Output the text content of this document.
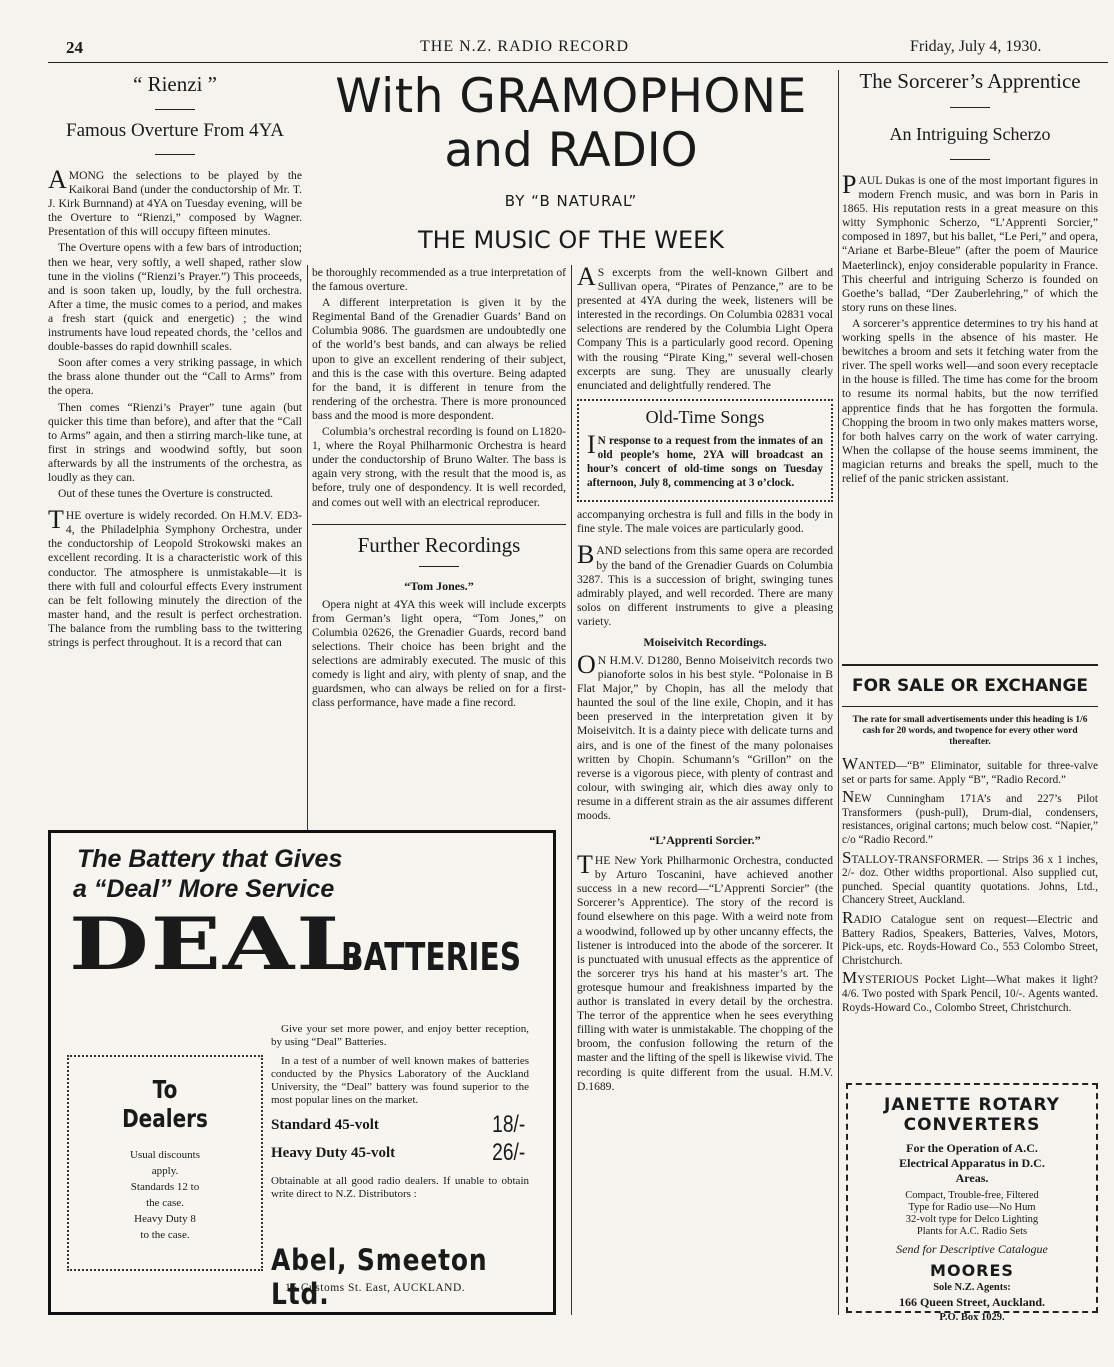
24	THE N.Z. RADIO RECORD	Friday, July 4, 1930.
“ Rienzi ”
Famous Overture From 4YA
AMONG the selections to be played by the Kaikorai Band (under the conductorship of Mr. T. J. Kirk Burnnand) at 4YA on Tuesday evening, will be the Overture to “Rienzi,” composed by Wagner. Presentation of this will occupy fifteen minutes.
The Overture opens with a few bars of introduction; then we hear, very softly, a well shaped, rather slow tune in the violins (“Rienzi’s Prayer.”) This proceeds, and is soon taken up, loudly, by the full orchestra. After a time, the music comes to a period, and makes a fresh start (quick and energetic) ; the wind instruments have loud repeated chords, the ’cellos and double-basses do rapid downhill scales.
Soon after comes a very striking passage, in which the brass alone thunder out the “Call to Arms” from the opera.
Then comes “Rienzi’s Prayer” tune again (but quicker this time than before), and after that the “Call to Arms” again, and then a stirring march-like tune, at first in strings and woodwind softly, but soon afterwards by all the instruments of the orchestra, as loudly as they can.
Out of these tunes the Overture is constructed.
THE overture is widely recorded. On H.M.V. ED3-4, the Philadelphia Symphony Orchestra, under the conductorship of Leopold Strokowski makes an excellent recording. It is a characteristic work of this conductor. The atmosphere is unmistakable—it is there with full and colourful effects Every instrument can be felt following minutely the direction of the master hand, and the result is perfect orchestration. The balance from the rumbling bass to the twittering strings is perfect throughout. It is a record that can
With GRAMOPHONE
and RADIO
BY “B NATURAL”
THE MUSIC OF THE WEEK
be thoroughly recommended as a true interpretation of the famous overture.
A different interpretation is given it by the Regimental Band of the Grenadier Guards’ Band on Columbia 9086. The guardsmen are undoubtedly one of the world’s best bands, and can always be relied upon to give an excellent rendering of their subject, and this is the case with this overture. Being adapted for the band, it is different in tenure from the rendering of the orchestra. There is more pronounced bass and the mood is more despondent.
Columbia’s orchestral recording is found on L1820-1, where the Royal Philharmonic Orchestra is heard under the conductorship of Bruno Walter. The bass is again very strong, with the result that the mood is, as before, truly one of despondency. It is well recorded, and comes out well with an electrical reproducer.
Further Recordings
“Tom Jones.”
Opera night at 4YA this week will include excerpts from German’s light opera, “Tom Jones,” on Columbia 02626, the Grenadier Guards, record band selections. Their choice has been bright and the selections are admirably executed. The music of this comedy is light and airy, with plenty of snap, and the guardsmen, who can always be relied on for a first-class performance, have made a fine record.
A S excerpts from the well-known Gilbert and Sullivan opera, “Pirates of Penzance,” are to be presented at 4YA during the week, listeners will be interested in the recordings. On Columbia 02831 vocal selections are rendered by the Columbia Light Opera Company This is a particularly good record. Opening with the rousing “Pirate King,” several well-chosen excerpts are sung. They are unusually clearly enunciated and delightfully rendered. The
Old-Time Songs
I N response to a request from the inmates of an old people’s home, 2YA will broadcast an hour’s concert of old-time songs on Tuesday afternoon, July 8, commencing at 3 o’clock.
accompanying orchestra is full and fills in the body in fine style. The male voices are particularly good.
BAND selections from this same opera are recorded by the band of the Grenadier Guards on Columbia 3287. This is a succession of bright, swinging tunes admirably played, and well recorded. There are many solos on different instruments to give a pleasing variety.
Moiseivitch Recordings.
O N H.M.V. D1280, Benno Moiseivitch records two pianoforte solos in his best style. “Polonaise in B Flat Major,” by Chopin, has all the melody that haunted the soul of the line exile, Chopin, and it has been preserved in the interpretation given it by Moiseivitch. It is a dainty piece with delicate turns and airs, and is one of the finest of the many polonaises written by Chopin. Schumann’s “Grillon” on the reverse is a vigorous piece, with plenty of contrast and colour, with swinging air, which dies away only to resume in a different strain as the air assumes different moods.
“L’Apprenti Sorcier.”
THE New York Philharmonic Orchestra, conducted by Arturo Toscanini, have achieved another success in a new record—“L’Apprenti Sorcier” (the Sorcerer’s Apprentice). The story of the record is found elsewhere on this page. With a weird note from a woodwind, followed up by other uncanny effects, the listener is introduced into the abode of the sorcerer. It is punctuated with unusual effects as the apprentice of the sorcerer trys his hand at his master’s art. The grotesque humour and freakishness imparted by the author is translated in every detail by the orchestra. The terror of the apprentice when he sees everything filling with water is unmistakable. The chopping of the broom, the confusion following the return of the master and the lifting of the spell is likewise vivid. The recording is quite different from the usual. H.M.V. D.1689.
The Sorcerer’s Apprentice
An Intriguing Scherzo
PAUL Dukas is one of the most important figures in modern French music, and was born in Paris in 1865. His reputation rests in a great measure on this witty Symphonic Scherzo, “L’Apprenti Sorcier,” composed in 1897, but his ballet, “Le Peri,” and opera, “Ariane et Barbe-Bleue” (after the poem of Maurice Maeterlinck), enjoy considerable popularity in France. This cheerful and intriguing Scherzo is founded on Goethe’s ballad, “Der Zauberlehring,” of which the story runs on these lines.
A sorcerer’s apprentice determines to try his hand at working spells in the absence of his master. He bewitches a broom and sets it fetching water from the river. The spell works well—and soon every receptacle in the house is filled. The time has come for the broom to resume its normal habits, but the now terrified apprentice finds that he has forgotten the formula. Chopping the broom in two only makes matters worse, for both halves carry on the work of water carrying. When the collapse of the house seems imminent, the magician returns and breaks the spell, much to the relief of the panic stricken assistant.
FOR SALE OR EXCHANGE
The rate for small advertisements under this heading is 1/6 cash for 20 words, and twopence for every other word thereafter.
WANTED—“B” Eliminator, suitable for three-valve set or parts for same. Apply “B”, “Radio Record.”
NEW Cunningham 171A’s and 227’s Pilot Transformers (push-pull), Drum-dial, condensers, resistances, original cartons; much below cost. “Napier,” c/o “Radio Record.”
STALLOY-TRANSFORMER. — Strips 36 x 1 inches, 2/- doz. Other widths proportional. Also supplied cut, punched. Special quantity quotations. Johns, Ltd., Chancery Street, Auckland.
RADIO Catalogue sent on request—Electric and Battery Radios, Speakers, Batteries, Valves, Motors, Pick-ups, etc. Royds-Howard Co., 553 Colombo Street, Christchurch.
MYSTERIOUS Pocket Light—What makes it light? 4/6. Two posted with Spark Pencil, 10/-. Agents wanted. Royds-Howard Co., Colombo Street, Christchurch.
JANETTE ROTARY
CONVERTERS
For the Operation of A.C.
Electrical Apparatus in D.C.
Areas.
Compact, Trouble-free, Filtered
Type for Radio use—No Hum
32-volt type for Delco Lighting
Plants for A.C. Radio Sets
Send for Descriptive Catalogue
MOORES
Sole N.Z. Agents:
166 Queen Street, Auckland.
P.O. Box 1029.
The Battery that Gives
a “Deal” More Service
DEAL
BATTERIES
To
Dealers
Usual discounts
apply.
Standards 12 to
the case.
Heavy Duty 8
to the case.
Give your set more power, and enjoy better reception, by using “Deal” Batteries.
In a test of a number of well known makes of batteries conducted by the Physics Laboratory of the Auckland University, the “Deal” battery was found superior to the most popular lines on the market.
Standard 45-volt	18/-
Heavy Duty 45-volt	26/-
Obtainable at all good radio dealers. If unable to obtain write direct to N.Z. Distributors :
Abel, Smeeton Ltd.
15 Customs St. East, AUCKLAND.
